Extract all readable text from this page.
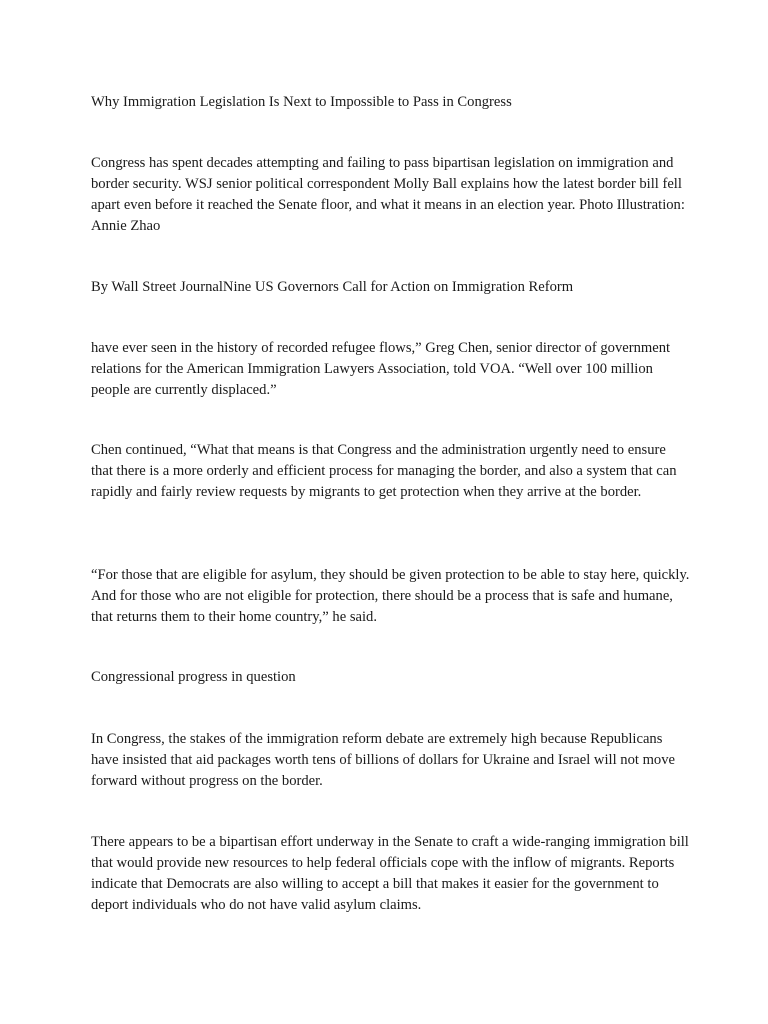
Why Immigration Legislation Is Next to Impossible to Pass in Congress

Congress has spent decades attempting and failing to pass bipartisan legislation on immigration and border security. WSJ senior political correspondent Molly Ball explains how the latest border bill fell apart even before it reached the Senate floor, and what it means in an election year. Photo Illustration: Annie Zhao

By Wall Street JournalNine US Governors Call for Action on Immigration Reform

have ever seen in the history of recorded refugee flows,” Greg Chen, senior director of government relations for the American Immigration Lawyers Association, told VOA. “Well over 100 million people are currently displaced.”

Chen continued, “What that means is that Congress and the administration urgently need to ensure that there is a more orderly and efficient process for managing the border, and also a system that can rapidly and fairly review requests by migrants to get protection when they arrive at the border.

“For those that are eligible for asylum, they should be given protection to be able to stay here, quickly. And for those who are not eligible for protection, there should be a process that is safe and humane, that returns them to their home country,” he said.

Congressional progress in question

In Congress, the stakes of the immigration reform debate are extremely high because Republicans have insisted that aid packages worth tens of billions of dollars for Ukraine and Israel will not move forward without progress on the border.

There appears to be a bipartisan effort underway in the Senate to craft a wide-ranging immigration bill that would provide new resources to help federal officials cope with the inflow of migrants. Reports indicate that Democrats are also willing to accept a bill that makes it easier for the government to deport individuals who do not have valid asylum claims.
